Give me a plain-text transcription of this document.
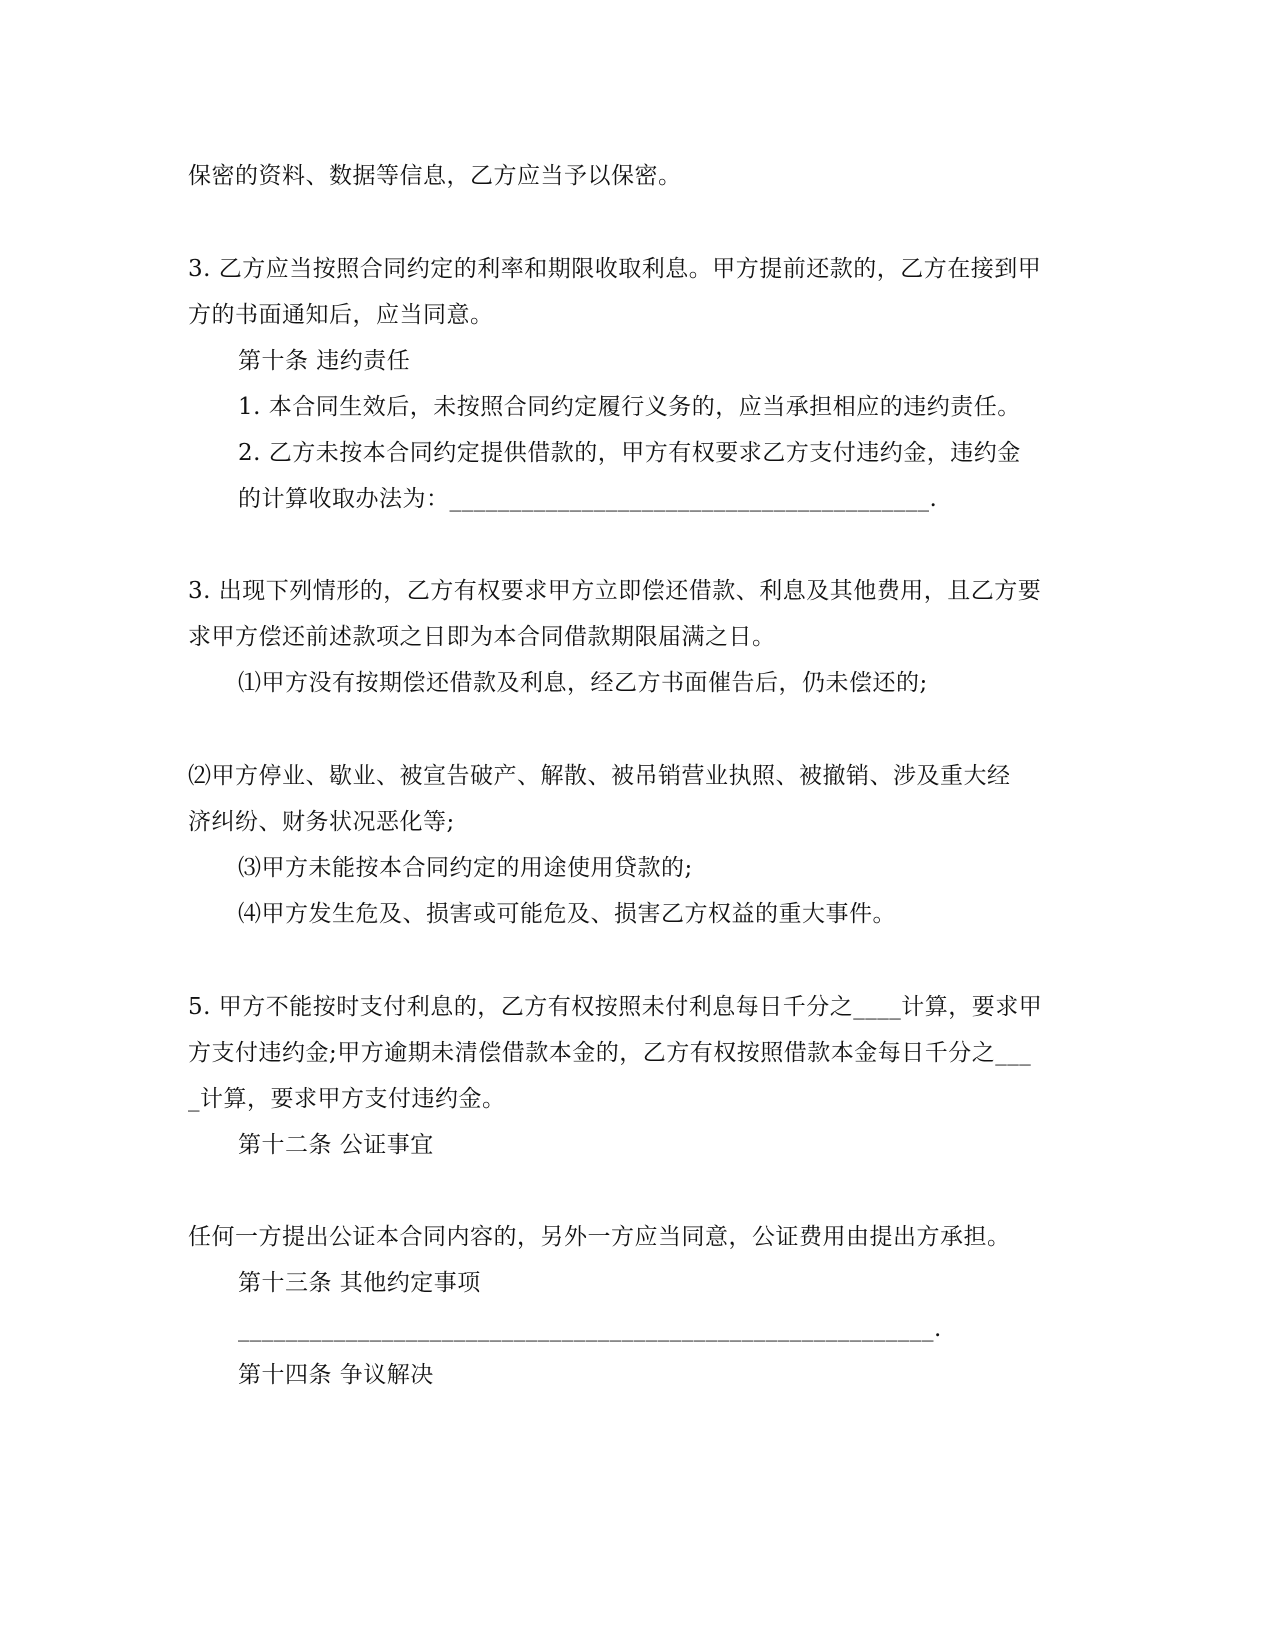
保密的资料、数据等信息，乙方应当予以保密。
3. 乙方应当按照合同约定的利率和期限收取利息。甲方提前还款的，乙方在接到甲
方的书面通知后，应当同意。
第十条 违约责任
1. 本合同生效后，未按照合同约定履行义务的，应当承担相应的违约责任。
2. 乙方未按本合同约定提供借款的，甲方有权要求乙方支付违约金，违约金
的计算收取办法为：________________________________________.
3. 出现下列情形的，乙方有权要求甲方立即偿还借款、利息及其他费用，且乙方要
求甲方偿还前述款项之日即为本合同借款期限届满之日。
⑴甲方没有按期偿还借款及利息，经乙方书面催告后，仍未偿还的;
⑵甲方停业、歇业、被宣告破产、解散、被吊销营业执照、被撤销、涉及重大经
济纠纷、财务状况恶化等;
⑶甲方未能按本合同约定的用途使用贷款的;
⑷甲方发生危及、损害或可能危及、损害乙方权益的重大事件。
5. 甲方不能按时支付利息的，乙方有权按照未付利息每日千分之____计算，要求甲
方支付违约金;甲方逾期未清偿借款本金的，乙方有权按照借款本金每日千分之___
_计算，要求甲方支付违约金。
第十二条 公证事宜
任何一方提出公证本合同内容的，另外一方应当同意，公证费用由提出方承担。
第十三条 其他约定事项
__________________________________________________________.
第十四条 争议解决
